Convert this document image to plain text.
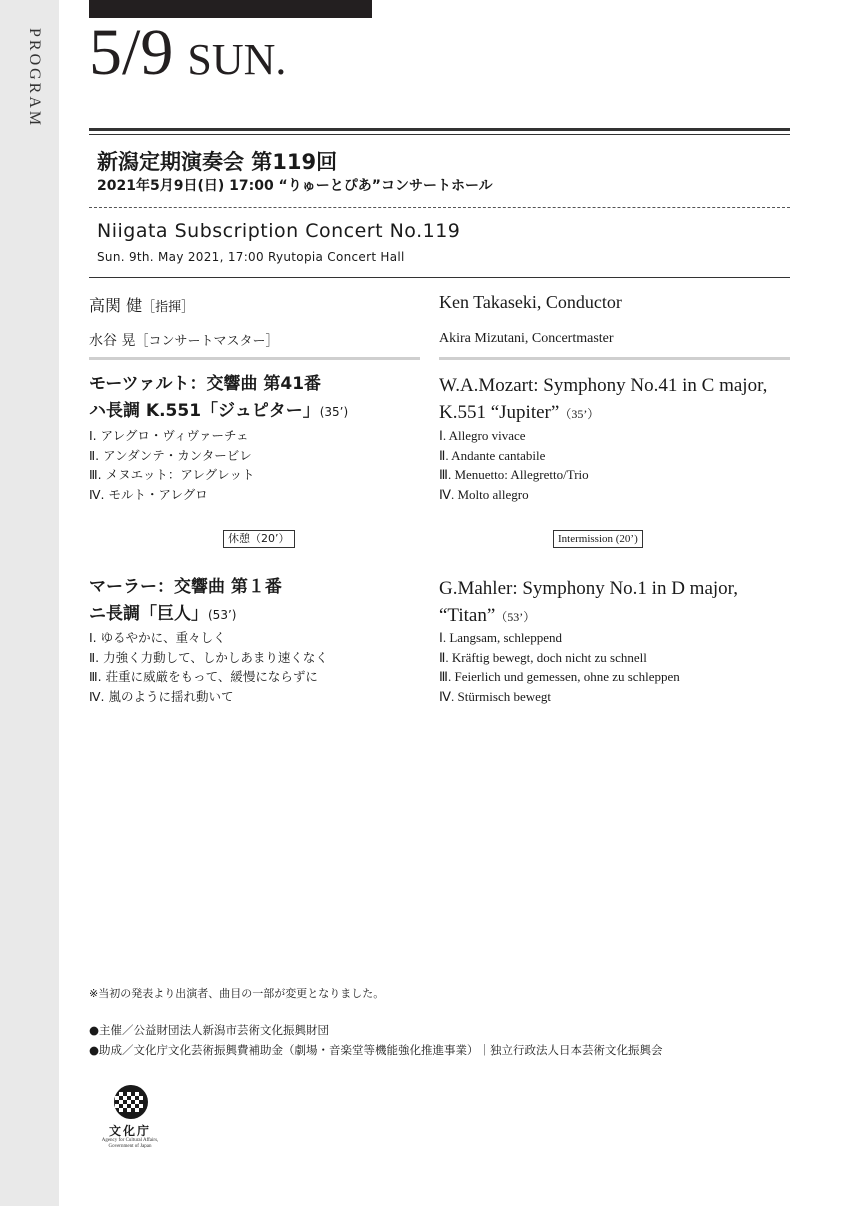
PROGRAM 5/9 SUN.
新潟定期演奏会 第119回
2021年5月9日(日) 17:00 “りゅーとぴあ”コンサートホール
Niigata Subscription Concert No.119
Sun. 9th. May 2021, 17:00 Ryutopia Concert Hall
高関 健［指揮］
水谷 晃［コンサートマスター］
Ken Takaseki, Conductor
Akira Mizutani, Concertmaster
モーツァルト：交響曲 第41番
ハ長調 K.551「ジュピター」(35’)
Ⅰ. アレグロ・ヴィヴァーチェ
Ⅱ. アンダンテ・カンタービレ
Ⅲ. メヌエット：アレグレット
Ⅳ. モルト・アレグロ
W.A.Mozart: Symphony No.41 in C major,
K.551 “Jupiter”（35’）
Ⅰ. Allegro vivace
Ⅱ. Andante cantabile
Ⅲ. Menuetto: Allegretto/Trio
Ⅳ. Molto allegro
休憩（20’）	Intermission (20’)
マーラー：交響曲 第１番
ニ長調「巨人」(53’)
Ⅰ. ゆるやかに、重々しく
Ⅱ. 力強く力動して、しかしあまり速くなく
Ⅲ. 荘重に威厳をもって、緩慢にならずに
Ⅳ. 嵐のように揺れ動いて
G.Mahler: Symphony No.1 in D major,
“Titan”（53’）
Ⅰ. Langsam, schleppend
Ⅱ. Kräftig bewegt, doch nicht zu schnell
Ⅲ. Feierlich und gemessen, ohne zu schleppen
Ⅳ. Stürmisch bewegt
※当初の発表より出演者、曲目の一部が変更となりました。
●主催／公益財団法人新潟市芸術文化振興財団
●助成／文化庁文化芸術振興費補助金（劇場・音楽堂等機能強化推進事業）｜独立行政法人日本芸術文化振興会
文化庁
Agency for Cultural Affairs,
Government of Japan
